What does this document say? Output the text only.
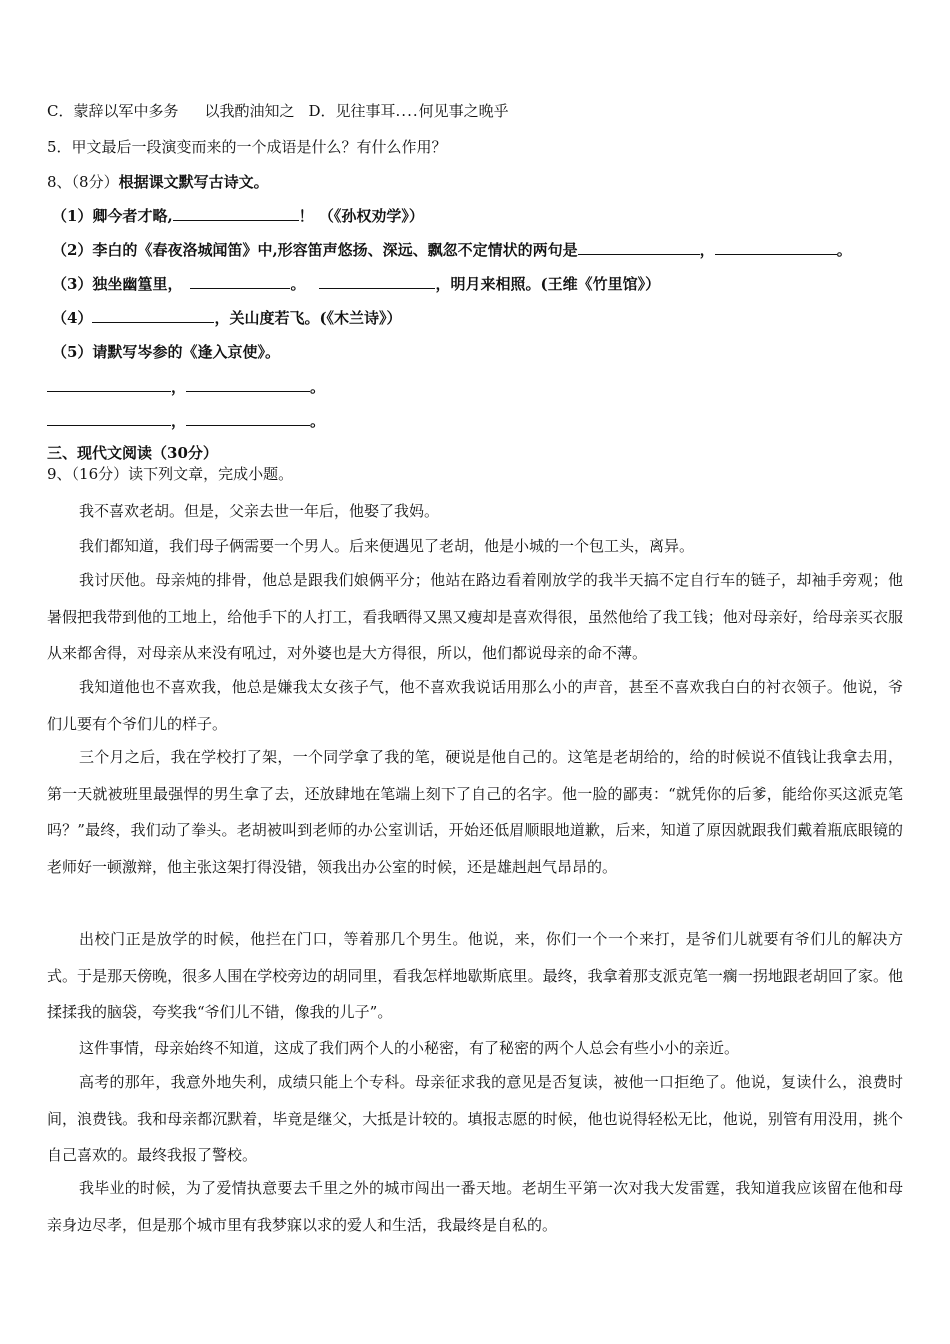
C．蒙辞以军中多务 以我酌油知之 D．见往事耳....何见事之晚乎
5．甲文最后一段演变而来的一个成语是什么？有什么作用？
8、（8分）根据课文默写古诗文。
（1）卿今者才略,	！ （《孙权劝学》）
（2）李白的《春夜洛城闻笛》中,形容笛声悠扬、深远、飘忽不定情状的两句是	，	。
（3）独坐幽篁里，	。	，明月来相照。(王维《竹里馆》）
（4）	，关山度若飞。(《木兰诗》）
（5）请默写岑参的《逢入京使》。
，	。
，	。
三、现代文阅读（30分）
9、（16分）读下列文章，完成小题。
我不喜欢老胡。但是，父亲去世一年后，他娶了我妈。
我们都知道，我们母子俩需要一个男人。后来便遇见了老胡，他是小城的一个包工头，离异。
我讨厌他。母亲炖的排骨，他总是跟我们娘俩平分；他站在路边看着刚放学的我半天搞不定自行车的链子，却袖手旁观；他暑假把我带到他的工地上，给他手下的人打工，看我晒得又黑又瘦却是喜欢得很，虽然他给了我工钱；他对母亲好，给母亲买衣服从来都舍得，对母亲从来没有吼过，对外婆也是大方得很，所以，他们都说母亲的命不薄。
我知道他也不喜欢我，他总是嫌我太女孩子气，他不喜欢我说话用那么小的声音，甚至不喜欢我白白的衬衣领子。他说，爷们儿要有个爷们儿的样子。
三个月之后，我在学校打了架，一个同学拿了我的笔，硬说是他自己的。这笔是老胡给的，给的时候说不值钱让我拿去用，第一天就被班里最强悍的男生拿了去，还放肆地在笔端上刻下了自己的名字。他一脸的鄙夷：“就凭你的后爹，能给你买这派克笔吗？”最终，我们动了拳头。老胡被叫到老师的办公室训话，开始还低眉顺眼地道歉，后来，知道了原因就跟我们戴着瓶底眼镜的老师好一顿激辩，他主张这架打得没错，领我出办公室的时候，还是雄赳赳气昂昂的。
出校门正是放学的时候，他拦在门口，等着那几个男生。他说，来，你们一个一个来打，是爷们儿就要有爷们儿的解决方式。于是那天傍晚，很多人围在学校旁边的胡同里，看我怎样地歇斯底里。最终，我拿着那支派克笔一瘸一拐地跟老胡回了家。他揉揉我的脑袋，夸奖我“爷们儿不错，像我的儿子”。
这件事情，母亲始终不知道，这成了我们两个人的小秘密，有了秘密的两个人总会有些小小的亲近。
高考的那年，我意外地失利，成绩只能上个专科。母亲征求我的意见是否复读，被他一口拒绝了。他说，复读什么，浪费时间，浪费钱。我和母亲都沉默着，毕竟是继父，大抵是计较的。填报志愿的时候，他也说得轻松无比，他说，别管有用没用，挑个自己喜欢的。最终我报了警校。
我毕业的时候，为了爱情执意要去千里之外的城市闯出一番天地。老胡生平第一次对我大发雷霆，我知道我应该留在他和母亲身边尽孝，但是那个城市里有我梦寐以求的爱人和生活，我最终是自私的。
